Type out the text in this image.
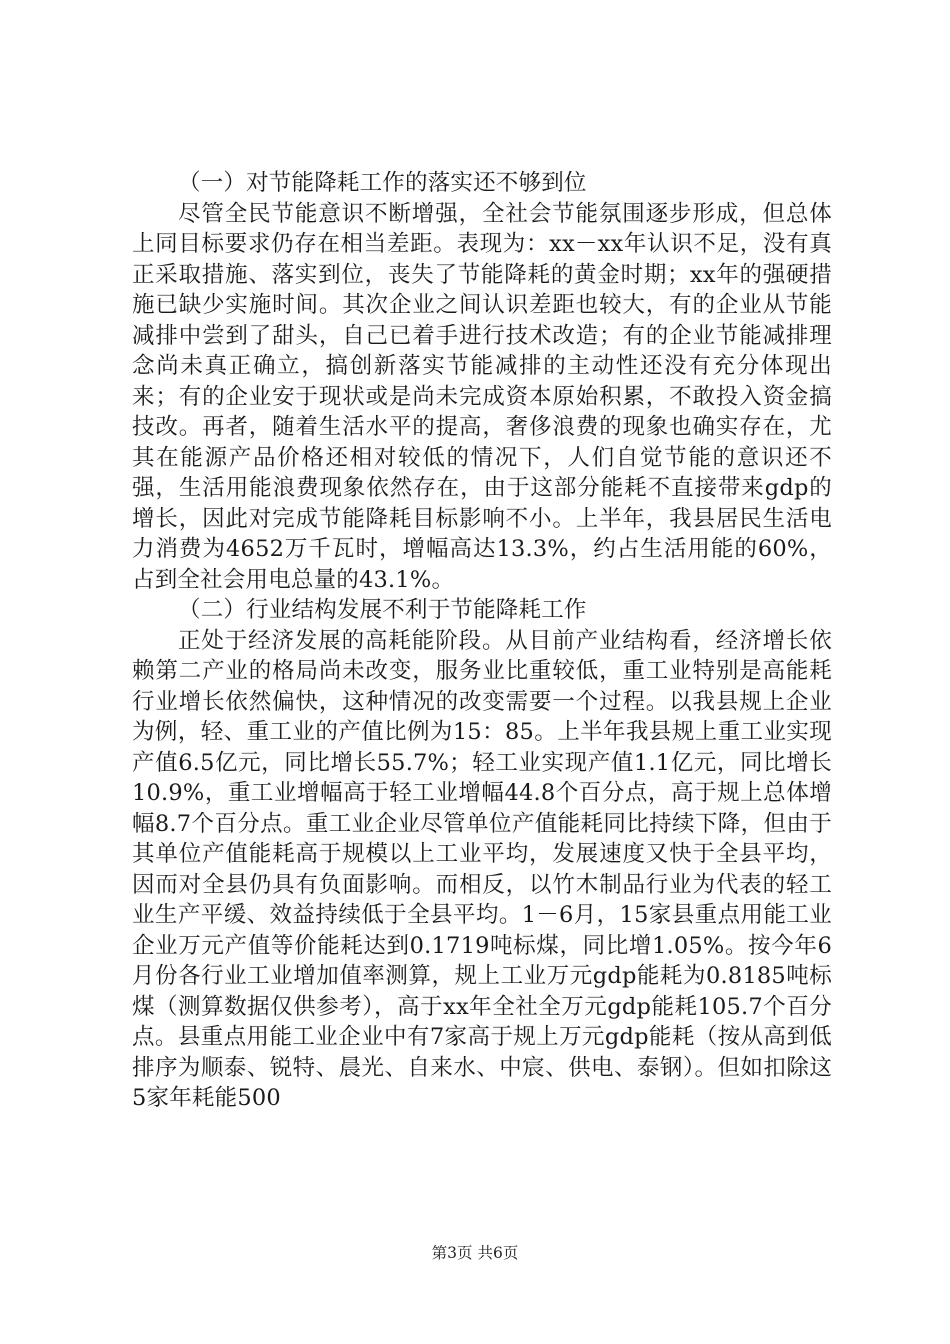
（一）对节能降耗工作的落实还不够到位

尽管全民节能意识不断增强，全社会节能氛围逐步形成，但总体上同目标要求仍存在相当差距。表现为：xx－xx年认识不足，没有真正采取措施、落实到位，丧失了节能降耗的黄金时期；xx年的强硬措施已缺少实施时间。其次企业之间认识差距也较大，有的企业从节能减排中尝到了甜头，自己已着手进行技术改造；有的企业节能减排理念尚未真正确立，搞创新落实节能减排的主动性还没有充分体现出来；有的企业安于现状或是尚未完成资本原始积累，不敢投入资金搞技改。再者，随着生活水平的提高，奢侈浪费的现象也确实存在，尤其在能源产品价格还相对较低的情况下，人们自觉节能的意识还不强，生活用能浪费现象依然存在，由于这部分能耗不直接带来gdp的增长，因此对完成节能降耗目标影响不小。上半年，我县居民生活电力消费为4652万千瓦时，增幅高达13.3%，约占生活用能的60%，占到全社会用电总量的43.1%。

（二）行业结构发展不利于节能降耗工作

正处于经济发展的高耗能阶段。从目前产业结构看，经济增长依赖第二产业的格局尚未改变，服务业比重较低，重工业特别是高能耗行业增长依然偏快，这种情况的改变需要一个过程。以我县规上企业为例，轻、重工业的产值比例为15：85。上半年我县规上重工业实现产值6.5亿元，同比增长55.7%；轻工业实现产值1.1亿元，同比增长10.9%，重工业增幅高于轻工业增幅44.8个百分点，高于规上总体增幅8.7个百分点。重工业企业尽管单位产值能耗同比持续下降，但由于其单位产值能耗高于规模以上工业平均，发展速度又快于全县平均，因而对全县仍具有负面影响。而相反，以竹木制品行业为代表的轻工业生产平缓、效益持续低于全县平均。1－6月，15家县重点用能工业企业万元产值等价能耗达到0.1719吨标煤，同比增1.05%。按今年6月份各行业工业增加值率测算，规上工业万元gdp能耗为0.8185吨标煤（测算数据仅供参考），高于xx年全社全万元gdp能耗105.7个百分点。县重点用能工业企业中有7家高于规上万元gdp能耗（按从高到低排序为顺泰、锐特、晨光、自来水、中宸、供电、泰钢）。但如扣除这5家年耗能500

第3页 共6页
